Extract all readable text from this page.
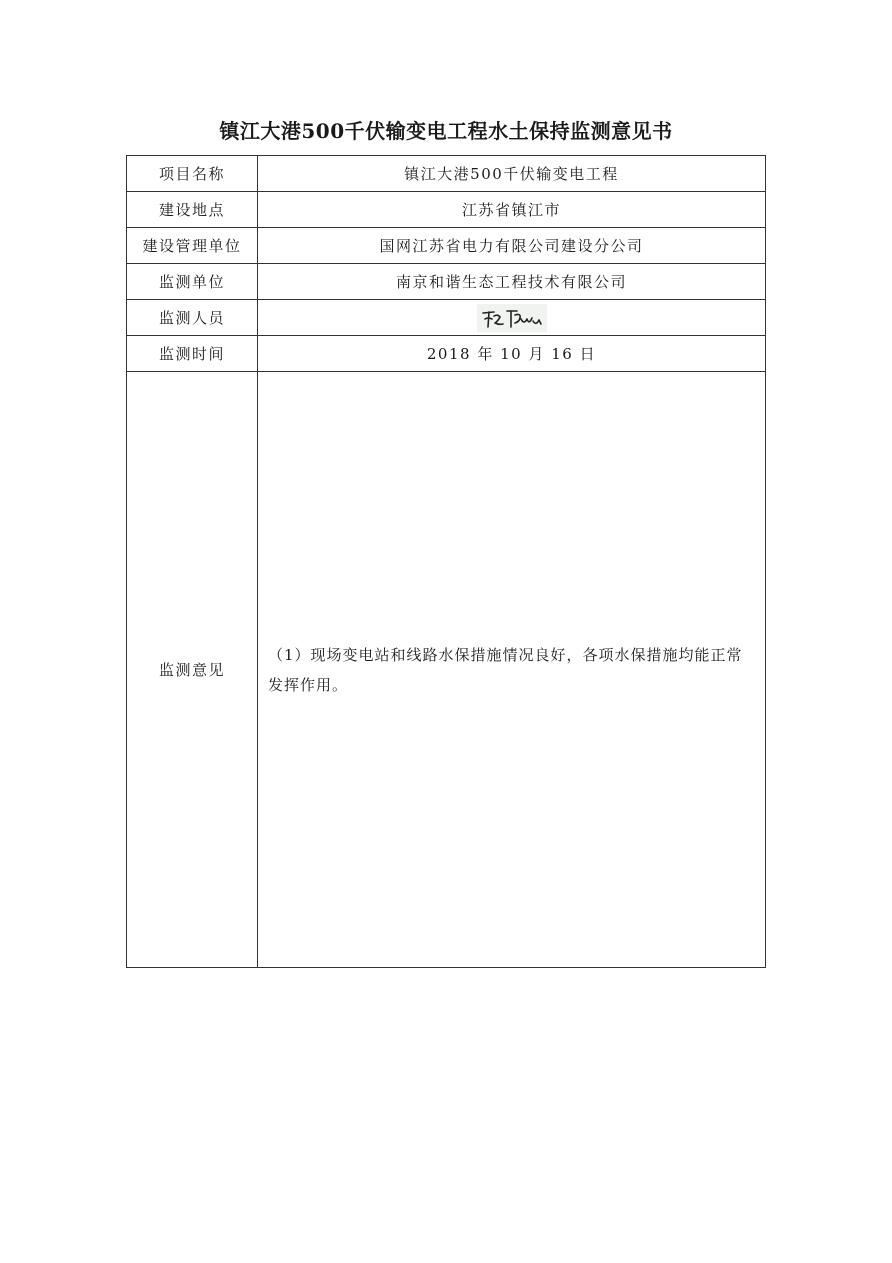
镇江大港500千伏输变电工程水土保持监测意见书
项目名称	镇江大港500千伏输变电工程
建设地点	江苏省镇江市
建设管理单位	国网江苏省电力有限公司建设分公司
监测单位	南京和谐生态工程技术有限公司
监测人员	

监测时间	2018 年 10 月 16 日
监测意见	（1）现场变电站和线路水保措施情况良好，各项水保措施均能正常发挥作用。
